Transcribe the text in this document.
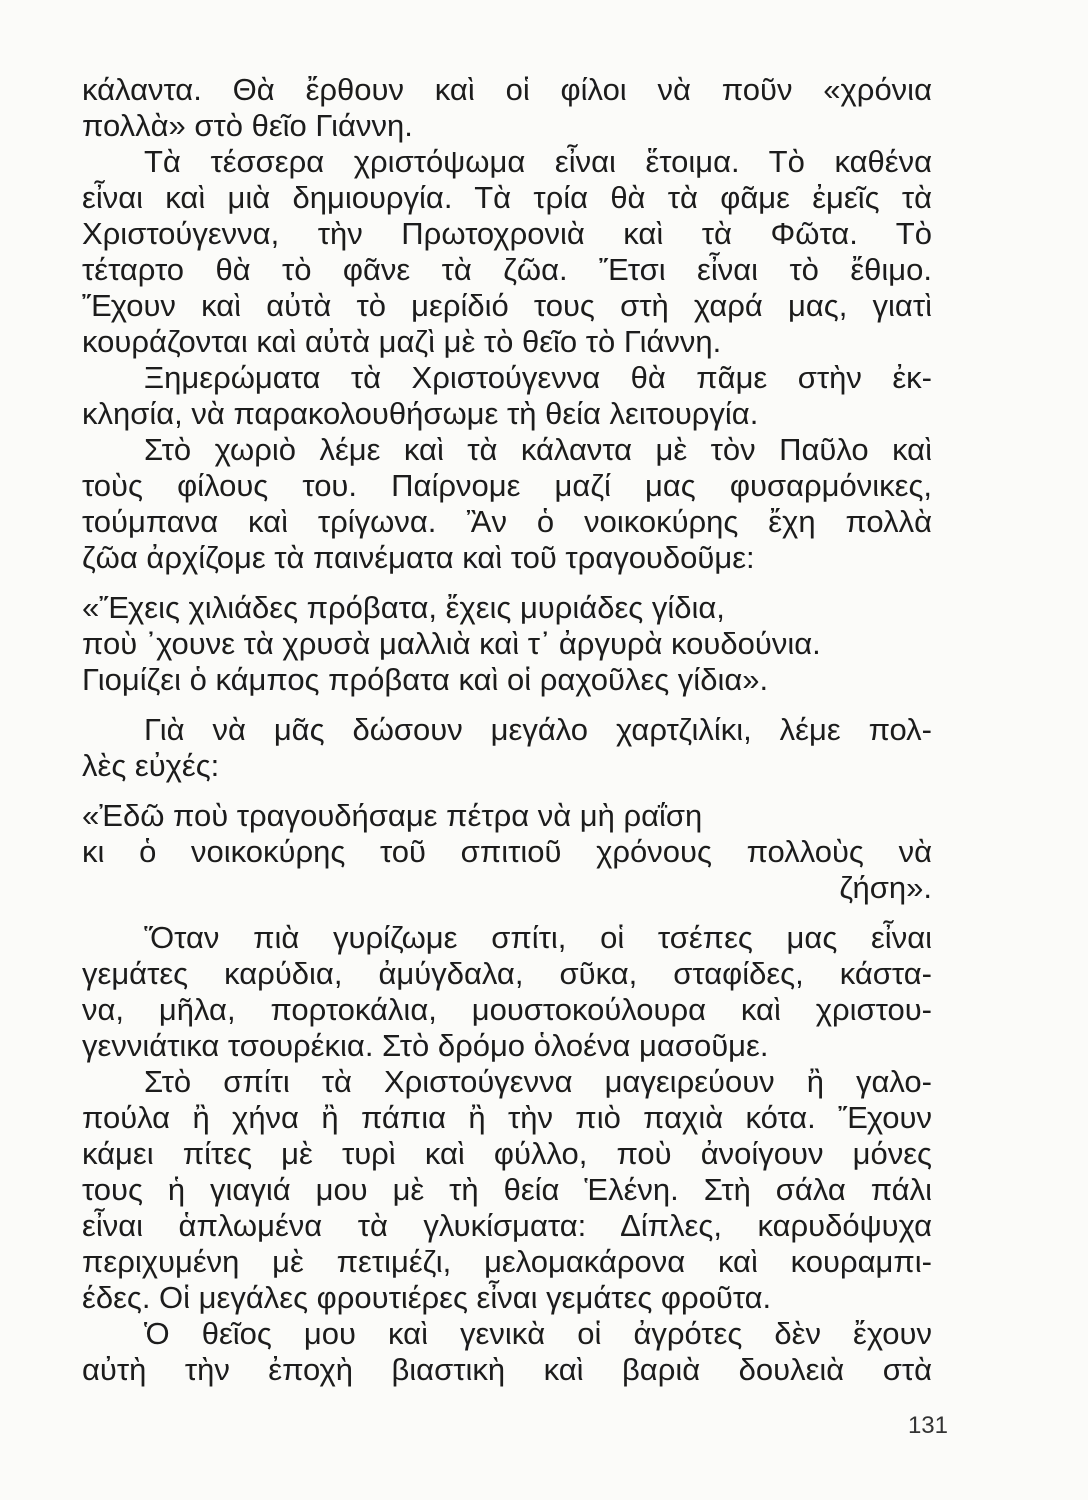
κάλαντα. Θὰ ἔρθουν καὶ οἱ φίλοι νὰ ποῦν «χρόνια

πολλὰ» στὸ θεῖο Γιάννη.

Τὰ τέσσερα χριστόψωμα εἶναι ἕτοιμα. Τὸ καθένα

εἶναι καὶ μιὰ δημιουργία. Τὰ τρία θὰ τὰ φᾶμε ἐμεῖς τὰ

Χριστούγεννα, τὴν Πρωτοχρονιὰ καὶ τὰ Φῶτα. Τὸ

τέταρτο θὰ τὸ φᾶνε τὰ ζῶα. Ἔτσι εἶναι τὸ ἔθιμο.

Ἔχουν καὶ αὐτὰ τὸ μερίδιό τους στὴ χαρά μας, γιατὶ

κουράζονται καὶ αὐτὰ μαζὶ μὲ τὸ θεῖο τὸ Γιάννη.

Ξημερώματα τὰ Χριστούγεννα θὰ πᾶμε στὴν ἐκ-

κλησία, νὰ παρακολουθήσωμε τὴ θεία λειτουργία.

Στὸ χωριὸ λέμε καὶ τὰ κάλαντα μὲ τὸν Παῦλο καὶ

τοὺς φίλους του. Παίρνομε μαζί μας φυσαρμόνικες,

τούμπανα καὶ τρίγωνα. Ἂν ὁ νοικοκύρης ἔχη πολλὰ

ζῶα ἀρχίζομε τὰ παινέματα καὶ τοῦ τραγουδοῦμε:

«Ἔχεις χιλιάδες πρόβατα, ἔχεις μυριάδες γίδια,

ποὺ ᾿χουνε τὰ χρυσὰ μαλλιὰ καὶ τ᾿ ἀργυρὰ κουδούνια.

Γιομίζει ὁ κάμπος πρόβατα καὶ οἱ ραχοῦλες γίδια».

Γιὰ νὰ μᾶς δώσουν μεγάλο χαρτζιλίκι, λέμε πολ-

λὲς εὐχές:

«Ἐδῶ ποὺ τραγουδήσαμε πέτρα νὰ μὴ ραΐση

κι ὁ νοικοκύρης τοῦ σπιτιοῦ χρόνους πολλοὺς νὰ

ζήση».

Ὅταν πιὰ γυρίζωμε σπίτι, οἱ τσέπες μας εἶναι

γεμάτες καρύδια, ἀμύγδαλα, σῦκα, σταφίδες, κάστα-

να, μῆλα, πορτοκάλια, μουστοκούλουρα καὶ χριστου-

γεννιάτικα τσουρέκια. Στὸ δρόμο ὁλοένα μασοῦμε.

Στὸ σπίτι τὰ Χριστούγεννα μαγειρεύουν ἢ γαλο-

πούλα ἢ χήνα ἢ πάπια ἢ τὴν πιὸ παχιὰ κότα. Ἔχουν

κάμει πίτες μὲ τυρὶ καὶ φύλλο, ποὺ ἀνοίγουν μόνες

τους ἡ γιαγιά μου μὲ τὴ θεία Ἑλένη. Στὴ σάλα πάλι

εἶναι ἁπλωμένα τὰ γλυκίσματα: Δίπλες, καρυδόψυχα

περιχυμένη μὲ πετιμέζι, μελομακάρονα καὶ κουραμπι-

έδες. Οἱ μεγάλες φρουτιέρες εἶναι γεμάτες φροῦτα.

Ὁ θεῖος μου καὶ γενικὰ οἱ ἀγρότες δὲν ἔχουν

αὐτὴ τὴν ἐποχὴ βιαστικὴ καὶ βαριὰ δουλειὰ στὰ

131
